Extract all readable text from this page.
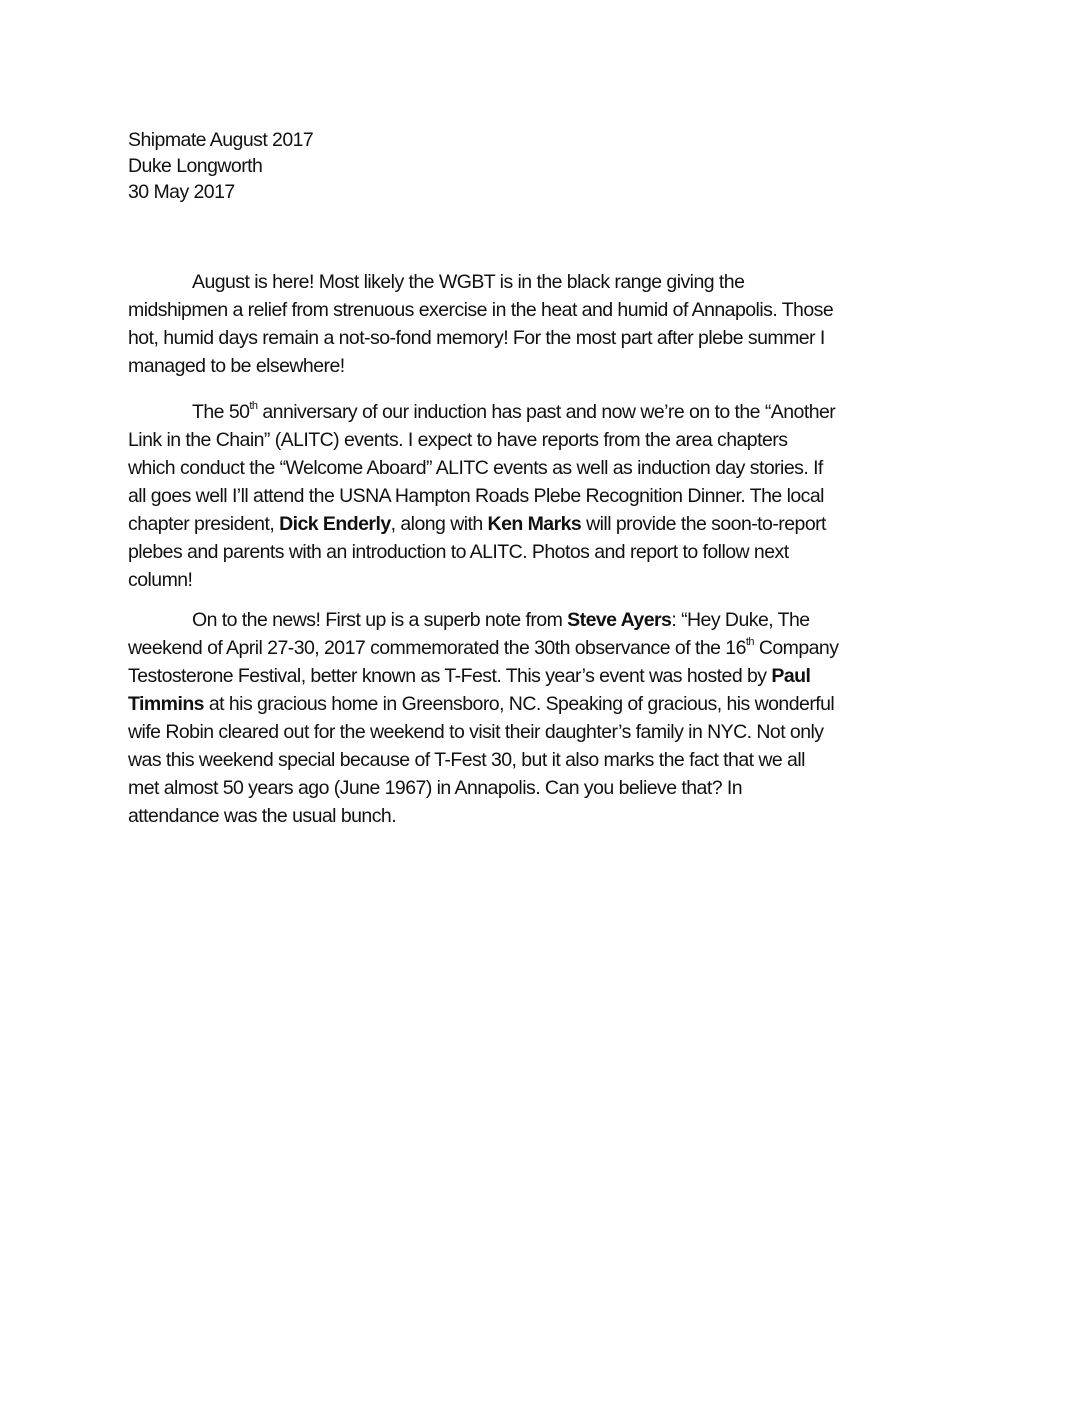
Shipmate August 2017
Duke Longworth
30 May 2017
August is here! Most likely the WGBT is in the black range giving the
midshipmen a relief from strenuous exercise in the heat and humid of Annapolis. Those
hot, humid days remain a not-so-fond memory! For the most part after plebe summer I
managed to be elsewhere!
The 50th anniversary of our induction has past and now we’re on to the “Another
Link in the Chain” (ALITC) events. I expect to have reports from the area chapters
which conduct the “Welcome Aboard” ALITC events as well as induction day stories. If
all goes well I’ll attend the USNA Hampton Roads Plebe Recognition Dinner. The local
chapter president, Dick Enderly, along with Ken Marks will provide the soon-to-report
plebes and parents with an introduction to ALITC. Photos and report to follow next
column!
On to the news! First up is a superb note from Steve Ayers: “Hey Duke, The
weekend of April 27-30, 2017 commemorated the 30th observance of the 16th Company
Testosterone Festival, better known as T-Fest. This year’s event was hosted by Paul
Timmins at his gracious home in Greensboro, NC. Speaking of gracious, his wonderful
wife Robin cleared out for the weekend to visit their daughter’s family in NYC. Not only
was this weekend special because of T-Fest 30, but it also marks the fact that we all
met almost 50 years ago (June 1967) in Annapolis. Can you believe that? In
attendance was the usual bunch.
